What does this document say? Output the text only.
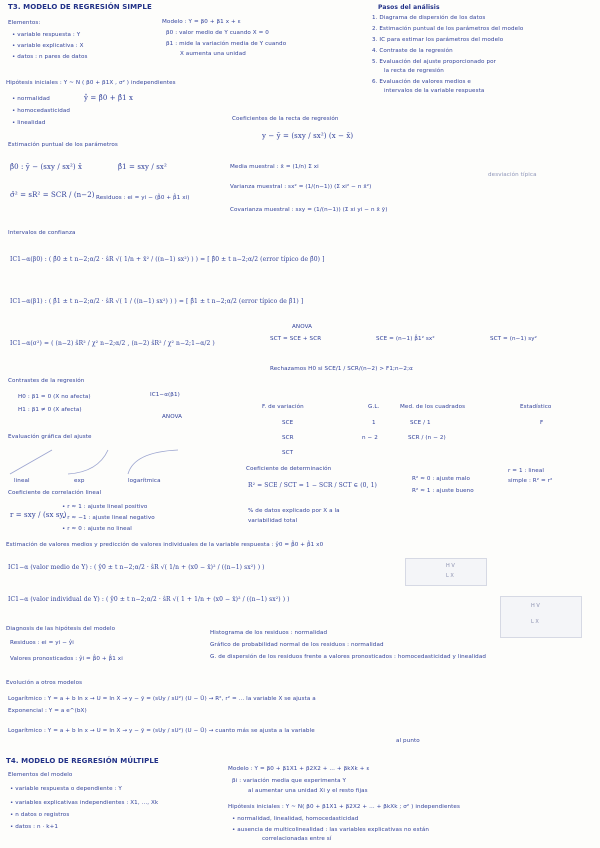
T3. MODELO DE REGRESIÓN SIMPLE
Elementos:
• variable respuesta : Y
• variable explicativa : X
• datos : n pares de datos
Modelo : Y = β0 + β1 x + ε
β0 : valor medio de Y cuando X = 0
β1 : mide la variación media de Y cuando
X aumenta una unidad
Pasos del análisis
1. Diagrama de dispersión de los datos
2. Estimación puntual de los parámetros del modelo
3. IC para estimar los parámetros del modelo
4. Contraste de la regresión
5. Evaluación del ajuste proporcionado por
la recta de regresión
6. Evaluación de valores medios e
intervalos de la variable respuesta
Hipótesis iniciales : Y ~ N ( β0 + β1X , σ² ) independientes
ŷ = β̂0 + β̂1 x
• normalidad
• homocedasticidad
• linealidad
Coeficientes de la recta de regresión
y − ȳ = (sxy / sx²) (x − x̄)
Estimación puntual de los parámetros
β̂0 : ȳ − (sxy / sx²) x̄	β̂1 = sxy / sx²
σ̂² = sR² = SCR / (n−2) Residuos : ei = yi − (β̂0 + β̂1 xi)
Media muestral : x̄ = (1/n) Σ xi
Varianza muestral : sx² = (1/(n−1)) (Σ xi² − n x̄²)
desviación típica
Covarianza muestral : sxy = (1/(n−1)) (Σ xi yi − n x̄ ȳ)
Intervalos de confianza
IC1−α(β0) : ( β̂0 ± t n−2;α/2 · ŝR √( 1/n + x̄² / ((n−1) sx²) ) ) = [ β̂0 ± t n−2;α/2 (error típico de β̂0) ]
IC1−α(β1) : ( β̂1 ± t n−2;α/2 · ŝR √( 1 / ((n−1) sx²) ) ) = [ β̂1 ± t n−2;α/2 (error típico de β̂1) ]
IC1−α(σ²) = ( (n−2) ŝR² / χ² n−2;α/2 , (n−2) ŝR² / χ² n−2;1−α/2 )
ANOVA
SCT = SCE + SCR	SCE = (n−1) β̂1² sx²	SCT = (n−1) sy²
Rechazamos H0 si SCE/1 / SCR/(n−2) > F1;n−2;α
Contrastes de la regresión
H0 : β1 = 0 (X no afecta)
H1 : β1 ≠ 0 (X afecta)
IC1−α(β1)
ANOVA
F. de variación	G.L.	Med. de los cuadrados	Estadístico
SCE	1	SCE / 1	F
SCR	n − 2	SCR / (n − 2)
SCT
Evaluación gráfica del ajuste
lineal	exp	logarítmica
Coeficiente de correlación lineal
r = sxy / (sx sy)
• r ≈ 1 : ajuste lineal positivo
• r ≈ −1 : ajuste lineal negativo
• r ≈ 0 : ajuste no lineal
Coeficiente de determinación
R² = SCE / SCT = 1 − SCR / SCT ∈ (0, 1)
R² ≈ 0 : ajuste malo
R² ≈ 1 : ajuste bueno
r = 1 : lineal
simple : R² = r²
% de datos explicado por X a la
variabilidad total
Estimación de valores medios y predicción de valores individuales de la variable respuesta : ŷ0 = β̂0 + β̂1 x0
IC1−α (valor medio de Y) : ( ŷ0 ± t n−2;α/2 · ŝR √( 1/n + (x0 − x̄)² / ((n−1) sx²) ) )
IC1−α (valor individual de Y) : ( ŷ0 ± t n−2;α/2 · ŝR √( 1 + 1/n + (x0 − x̄)² / ((n−1) sx²) ) )
H V
L X
H V
L X
Diagnosis de las hipótesis del modelo
Residuos : ei = yi − ŷi
Valores pronosticados : ŷi = β̂0 + β̂1 xi
Histograma de los residuos : normalidad
Gráfico de probabilidad normal de los residuos : normalidad
G. de dispersión de los residuos frente a valores pronosticados : homocedasticidad y linealidad
Evolución a otros modelos
Logarítmico : Y = a + b ln x → U = ln X → y − ȳ = (sUy / sU²) (U − Ū) → R², r² = ... la variable X se ajusta a
Exponencial : Y = a e^(bX)
Logarítmico : Y = a + b ln x → U = ln X → y − ȳ = (sUy / sU²) (U − Ū) → cuanto más se ajusta a la variable
al punto
T4. MODELO DE REGRESIÓN MÚLTIPLE
Elementos del modelo
• variable respuesta o dependiente : Y
• variables explicativas independientes : X1, ..., Xk
• n datos o registros
• datos : n · k+1
Modelo : Y = β0 + β1X1 + β2X2 + ... + βkXk + ε
βi : variación media que experimenta Y
al aumentar una unidad Xi y el resto fijas
Hipótesis iniciales : Y ~ N( β0 + β1X1 + β2X2 + ... + βkXk ; σ² ) independientes
• normalidad, linealidad, homocedasticidad
• ausencia de multicolinealidad : las variables explicativas no están
correlacionadas entre sí
